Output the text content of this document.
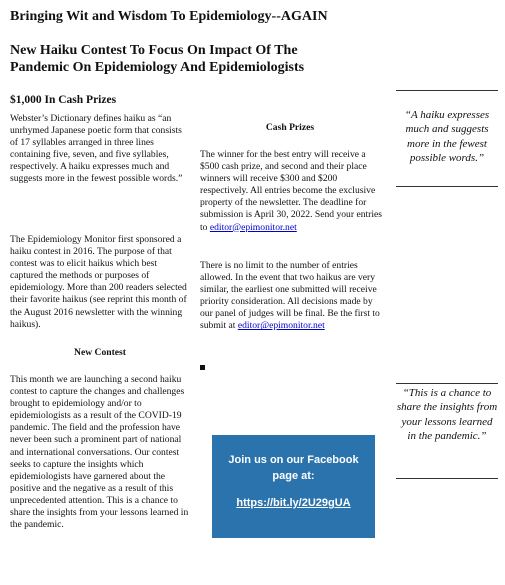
Bringing Wit and Wisdom To Epidemiology--AGAIN
New Haiku Contest To Focus On Impact Of The
Pandemic On Epidemiology And Epidemiologists
$1,000 In Cash Prizes

Webster’s Dictionary defines haiku as “an unrhymed Japanese poetic form that consists of 17 syllables arranged in three lines containing five, seven, and five syllables, respectively. A haiku expresses much and suggests more in the fewest possible words.”

The Epidemiology Monitor first sponsored a haiku contest in 2016. The purpose of that contest was to elicit haikus which best captured the methods or purposes of epidemiology. More than 200 readers selected their favorite haikus (see reprint this month of the August 2016 newsletter with the winning haikus).

New Contest

This month we are launching a second haiku contest to capture the changes and challenges brought to epidemiology and/or to epidemiologists as a result of the COVID-19 pandemic. The field and the profession have never been such a prominent part of national and international conversations. Our contest seeks to capture the insights which epidemiologists have garnered about the positive and the negative as a result of this unprecedented attention. This is a chance to share the insights from your lessons learned in the pandemic.

Cash Prizes

The winner for the best entry will receive a $500 cash prize, and second and their place winners will receive $300 and $200 respectively. All entries become the exclusive property of the newsletter. The deadline for submission is April 30, 2022. Send your entries to editor@epimonitor.net

There is no limit to the number of entries allowed. In the event that two haikus are very similar, the earliest one submitted will receive priority consideration. All decisions made by our panel of judges will be final. Be the first to submit at editor@epimonitor.net

“A haiku expresses much and suggests more in the fewest possible words.”
“This is a chance to share the insights from your lessons learned in the pandemic.”
Join us on our Facebook page at:
https://bit.ly/2U29gUA
